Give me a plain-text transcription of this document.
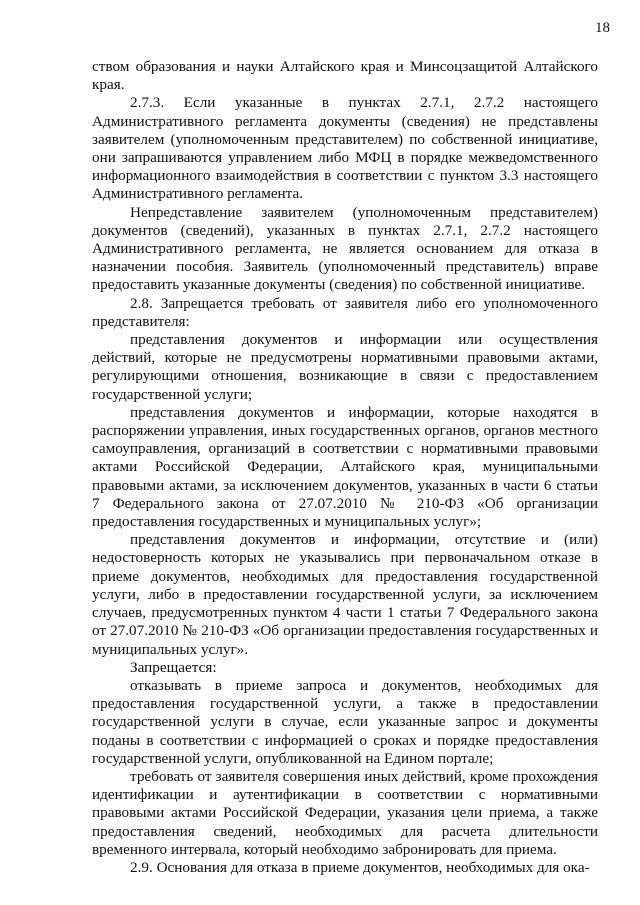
18

ством образования и науки Алтайского края и Минсоцзащитой Алтайского края.

2.7.3. Если указанные в пунктах 2.7.1, 2.7.2 настоящего Административного регламента документы (сведения) не представлены заявителем (уполномоченным представителем) по собственной инициативе, они запрашиваются управлением либо МФЦ в порядке межведомственного информационного взаимодействия в соответствии с пунктом 3.3 настоящего Административного регламента.

Непредставление заявителем (уполномоченным представителем) документов (сведений), указанных в пунктах 2.7.1, 2.7.2 настоящего Административного регламента, не является основанием для отказа в назначении пособия. Заявитель (уполномоченный представитель) вправе предоставить указанные документы (сведения) по собственной инициативе.

2.8. Запрещается требовать от заявителя либо его уполномоченного представителя:

представления документов и информации или осуществления действий, которые не предусмотрены нормативными правовыми актами, регулирующими отношения, возникающие в связи с предоставлением государственной услуги;

представления документов и информации, которые находятся в распоряжении управления, иных государственных органов, органов местного самоуправления, организаций в соответствии с нормативными правовыми актами Российской Федерации, Алтайского края, муниципальными правовыми актами, за исключением документов, указанных в части 6 статьи 7 Федерального закона от 27.07.2010 № 210-ФЗ «Об организации предоставления государственных и муниципальных услуг»;

представления документов и информации, отсутствие и (или) недостоверность которых не указывались при первоначальном отказе в приеме документов, необходимых для предоставления государственной услуги, либо в предоставлении государственной услуги, за исключением случаев, предусмотренных пунктом 4 части 1 статьи 7 Федерального закона от 27.07.2010 № 210-ФЗ «Об организации предоставления государственных и муниципальных услуг».

Запрещается:

отказывать в приеме запроса и документов, необходимых для предоставления государственной услуги, а также в предоставлении государственной услуги в случае, если указанные запрос и документы поданы в соответствии с информацией о сроках и порядке предоставления государственной услуги, опубликованной на Едином портале;

требовать от заявителя совершения иных действий, кроме прохождения идентификации и аутентификации в соответствии с нормативными правовыми актами Российской Федерации, указания цели приема, а также предоставления сведений, необходимых для расчета длительности временного интервала, который необходимо забронировать для приема.

2.9. Основания для отказа в приеме документов, необходимых для ока-
